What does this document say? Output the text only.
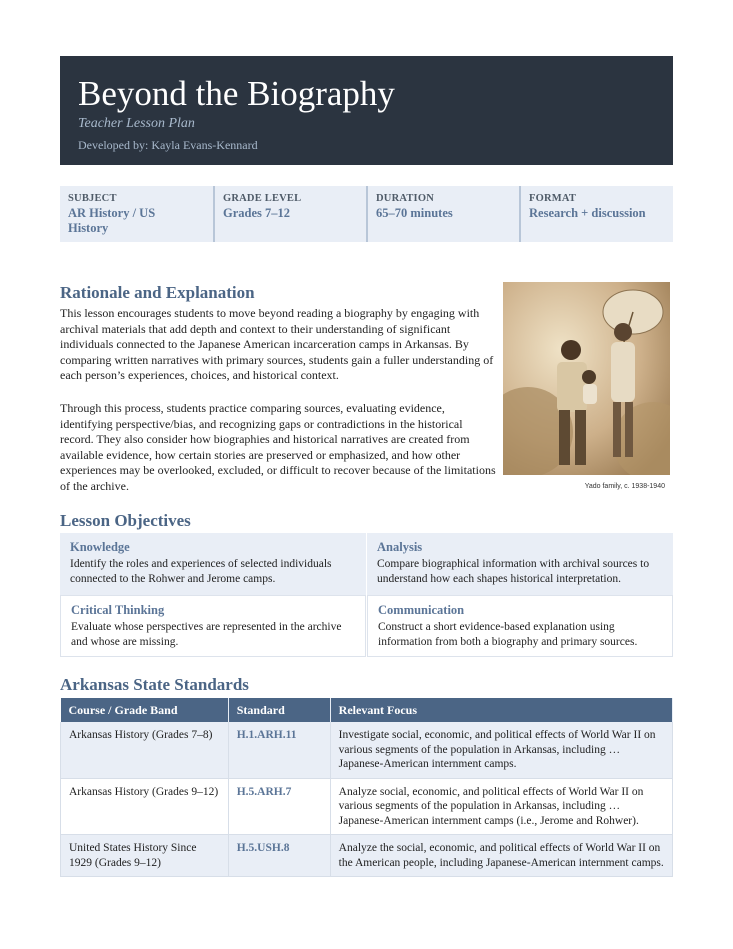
Beyond the Biography
Teacher Lesson Plan
Developed by: Kayla Evans-Kennard
SUBJECT
AR History / US History
GRADE LEVEL
Grades 7–12
DURATION
65–70 minutes
FORMAT
Research + discussion
Rationale and Explanation
This lesson encourages students to move beyond reading a biography by engaging with archival materials that add depth and context to their understanding of significant individuals connected to the Japanese American incarceration camps in Arkansas. By comparing written narratives with primary sources, students gain a fuller understanding of each person’s experiences, choices, and historical context.
Through this process, students practice comparing sources, evaluating evidence, identifying perspective/bias, and recognizing gaps or contradictions in the historical record. They also consider how biographies and historical narratives are created from available evidence, how certain stories are preserved or emphasized, and how other experiences may be overlooked, excluded, or difficult to recover because of the limitations of the archive.	Yado family, c. 1938-1940
Lesson Objectives
Knowledge
Identify the roles and experiences of selected individuals connected to the Rohwer and Jerome camps.
Analysis
Compare biographical information with archival sources to understand how each shapes historical interpretation.
Critical Thinking
Evaluate whose perspectives are represented in the archive and whose are missing.
Communication
Construct a short evidence-based explanation using information from both a biography and primary sources.
Arkansas State Standards
Course / Grade Band	Standard	Relevant Focus
Arkansas History (Grades 7–8)	H.1.ARH.11	Investigate social, economic, and political effects of World War II on various segments of the population in Arkansas, including … Japanese-American internment camps.
Arkansas History (Grades 9–12)	H.5.ARH.7	Analyze social, economic, and political effects of World War II on various segments of the population in Arkansas, including … Japanese-American internment camps (i.e., Jerome and Rohwer).
United States History Since 1929 (Grades 9–12)	H.5.USH.8	Analyze the social, economic, and political effects of World War II on the American people, including Japanese-American internment camps.
